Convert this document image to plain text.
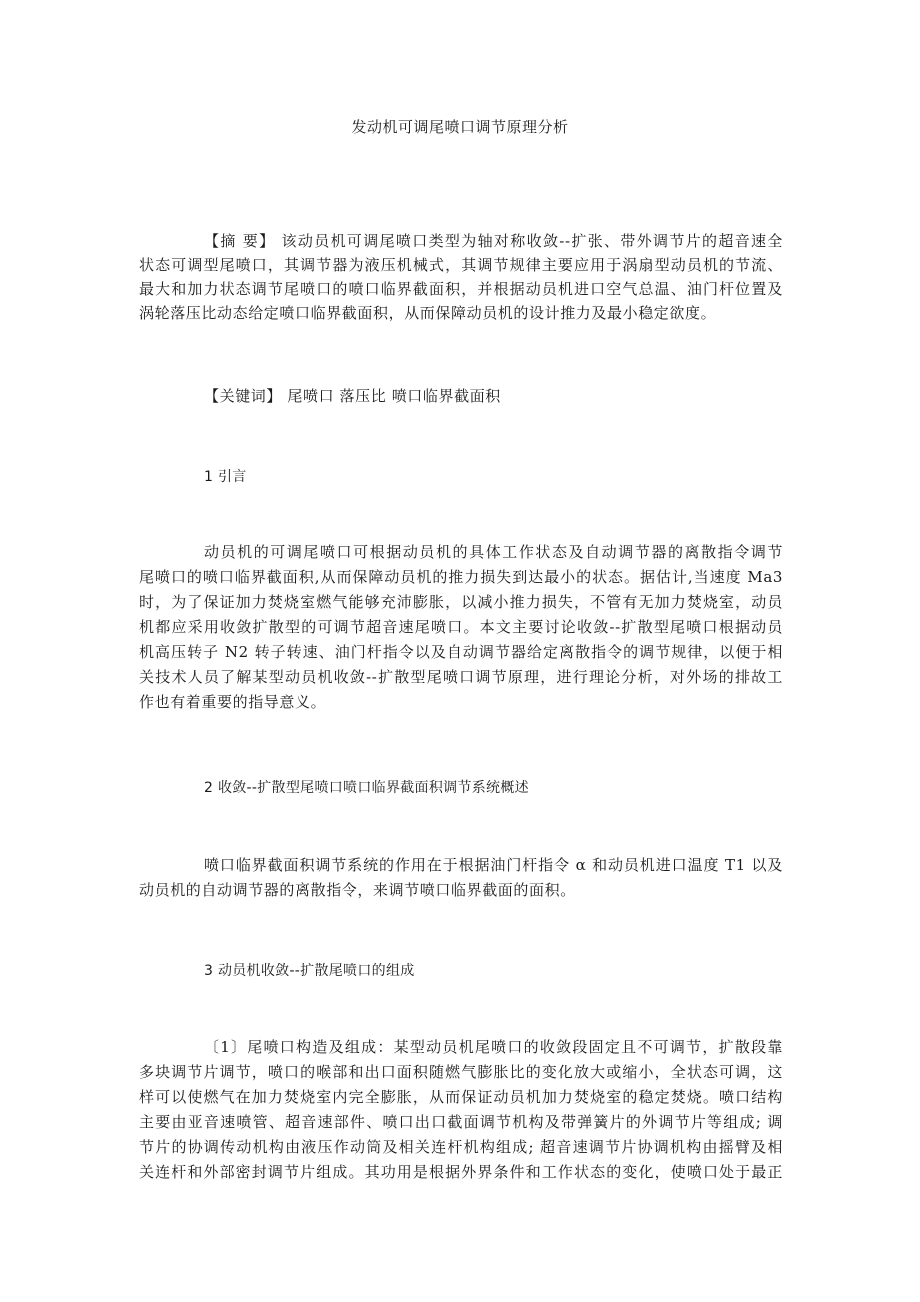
发动机可调尾喷口调节原理分析
【摘 要】 该动员机可调尾喷口类型为轴对称收敛--扩张、带外调节片的超音速全
状态可调型尾喷口，其调节器为液压机械式，其调节规律主要应用于涡扇型动员机的节流、
最大和加力状态调节尾喷口的喷口临界截面积，并根据动员机进口空气总温、油门杆位置及
涡轮落压比动态给定喷口临界截面积，从而保障动员机的设计推力及最小稳定欲度。
【关键词】 尾喷口 落压比 喷口临界截面积
1 引言
动员机的可调尾喷口可根据动员机的具体工作状态及自动调节器的离散指令调节
尾喷口的喷口临界截面积,从而保障动员机的推力损失到达最小的状态。据估计,当速度 Ma3
时，为了保证加力焚烧室燃气能够充沛膨胀，以减小推力损失，不管有无加力焚烧室，动员
机都应采用收敛扩散型的可调节超音速尾喷口。本文主要讨论收敛--扩散型尾喷口根据动员
机高压转子 N2 转子转速、油门杆指令以及自动调节器给定离散指令的调节规律，以便于相
关技术人员了解某型动员机收敛--扩散型尾喷口调节原理，进行理论分析，对外场的排故工
作也有着重要的指导意义。
2 收敛--扩散型尾喷口喷口临界截面积调节系统概述
喷口临界截面积调节系统的作用在于根据油门杆指令 α 和动员机进口温度 T1 以及
动员机的自动调节器的离散指令，来调节喷口临界截面的面积。
3 动员机收敛--扩散尾喷口的组成
〔1〕尾喷口构造及组成：某型动员机尾喷口的收敛段固定且不可调节，扩散段靠
多块调节片调节，喷口的喉部和出口面积随燃气膨胀比的变化放大或缩小，全状态可调，这
样可以使燃气在加力焚烧室内完全膨胀，从而保证动员机加力焚烧室的稳定焚烧。喷口结构
主要由亚音速喷管、超音速部件、喷口出口截面调节机构及带弹簧片的外调节片等组成; 调
节片的协调传动机构由液压作动筒及相关连杆机构组成; 超音速调节片协调机构由摇臂及相
关连杆和外部密封调节片组成。其功用是根据外界条件和工作状态的变化，使喷口处于最正
